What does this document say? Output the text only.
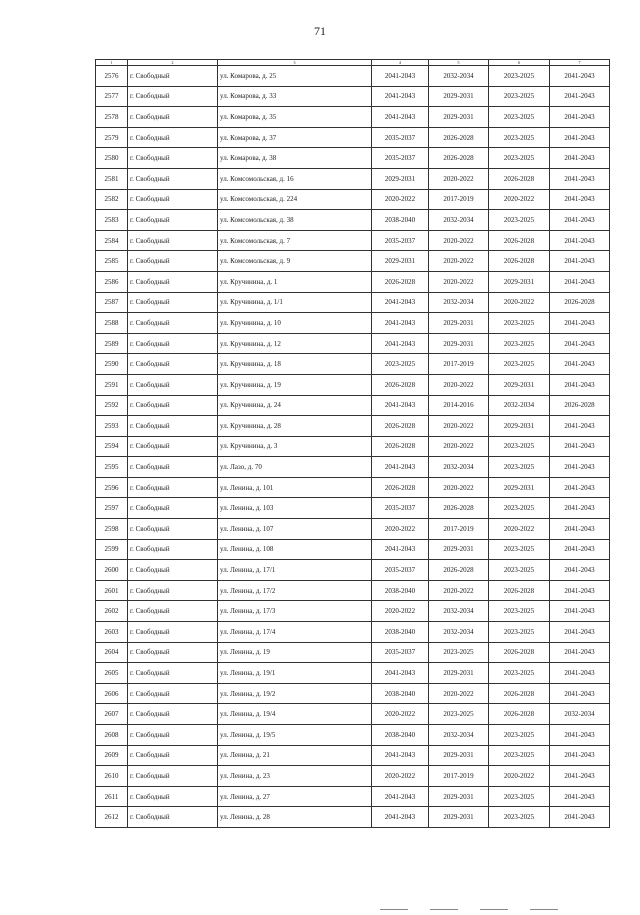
71
1	2	3	4	5	6	7
2576	г. Свободный	ул. Комарова, д. 25	2041-2043	2032-2034	2023-2025	2041-2043
2577	г. Свободный	ул. Комарова, д. 33	2041-2043	2029-2031	2023-2025	2041-2043
2578	г. Свободный	ул. Комарова, д. 35	2041-2043	2029-2031	2023-2025	2041-2043
2579	г. Свободный	ул. Комарова, д. 37	2035-2037	2026-2028	2023-2025	2041-2043
2580	г. Свободный	ул. Комарова, д. 38	2035-2037	2026-2028	2023-2025	2041-2043
2581	г. Свободный	ул. Комсомольская, д. 16	2029-2031	2020-2022	2026-2028	2041-2043
2582	г. Свободный	ул. Комсомольская, д. 224	2020-2022	2017-2019	2020-2022	2041-2043
2583	г. Свободный	ул. Комсомольская, д. 38	2038-2040	2032-2034	2023-2025	2041-2043
2584	г. Свободный	ул. Комсомольская, д. 7	2035-2037	2020-2022	2026-2028	2041-2043
2585	г. Свободный	ул. Комсомольская, д. 9	2029-2031	2020-2022	2026-2028	2041-2043
2586	г. Свободный	ул. Кручинина, д. 1	2026-2028	2020-2022	2029-2031	2041-2043
2587	г. Свободный	ул. Кручинина, д. 1/1	2041-2043	2032-2034	2020-2022	2026-2028
2588	г. Свободный	ул. Кручинина, д. 10	2041-2043	2029-2031	2023-2025	2041-2043
2589	г. Свободный	ул. Кручинина, д. 12	2041-2043	2029-2031	2023-2025	2041-2043
2590	г. Свободный	ул. Кручинина, д. 18	2023-2025	2017-2019	2023-2025	2041-2043
2591	г. Свободный	ул. Кручинина, д. 19	2026-2028	2020-2022	2029-2031	2041-2043
2592	г. Свободный	ул. Кручинина, д. 24	2041-2043	2014-2016	2032-2034	2026-2028
2593	г. Свободный	ул. Кручинина, д. 28	2026-2028	2020-2022	2029-2031	2041-2043
2594	г. Свободный	ул. Кручинина, д. 3	2026-2028	2020-2022	2023-2025	2041-2043
2595	г. Свободный	ул. Лазо, д. 70	2041-2043	2032-2034	2023-2025	2041-2043
2596	г. Свободный	ул. Ленина, д. 101	2026-2028	2020-2022	2029-2031	2041-2043
2597	г. Свободный	ул. Ленина, д. 103	2035-2037	2026-2028	2023-2025	2041-2043
2598	г. Свободный	ул. Ленина, д. 107	2020-2022	2017-2019	2020-2022	2041-2043
2599	г. Свободный	ул. Ленина, д. 108	2041-2043	2029-2031	2023-2025	2041-2043
2600	г. Свободный	ул. Ленина, д. 17/1	2035-2037	2026-2028	2023-2025	2041-2043
2601	г. Свободный	ул. Ленина, д. 17/2	2038-2040	2020-2022	2026-2028	2041-2043
2602	г. Свободный	ул. Ленина, д. 17/3	2020-2022	2032-2034	2023-2025	2041-2043
2603	г. Свободный	ул. Ленина, д. 17/4	2038-2040	2032-2034	2023-2025	2041-2043
2604	г. Свободный	ул. Ленина, д. 19	2035-2037	2023-2025	2026-2028	2041-2043
2605	г. Свободный	ул. Ленина, д. 19/1	2041-2043	2029-2031	2023-2025	2041-2043
2606	г. Свободный	ул. Ленина, д. 19/2	2038-2040	2020-2022	2026-2028	2041-2043
2607	г. Свободный	ул. Ленина, д. 19/4	2020-2022	2023-2025	2026-2028	2032-2034
2608	г. Свободный	ул. Ленина, д. 19/5	2038-2040	2032-2034	2023-2025	2041-2043
2609	г. Свободный	ул. Ленина, д. 21	2041-2043	2029-2031	2023-2025	2041-2043
2610	г. Свободный	ул. Ленина, д. 23	2020-2022	2017-2019	2020-2022	2041-2043
2611	г. Свободный	ул. Ленина, д. 27	2041-2043	2029-2031	2023-2025	2041-2043
2612	г. Свободный	ул. Ленина, д. 28	2041-2043	2029-2031	2023-2025	2041-2043
